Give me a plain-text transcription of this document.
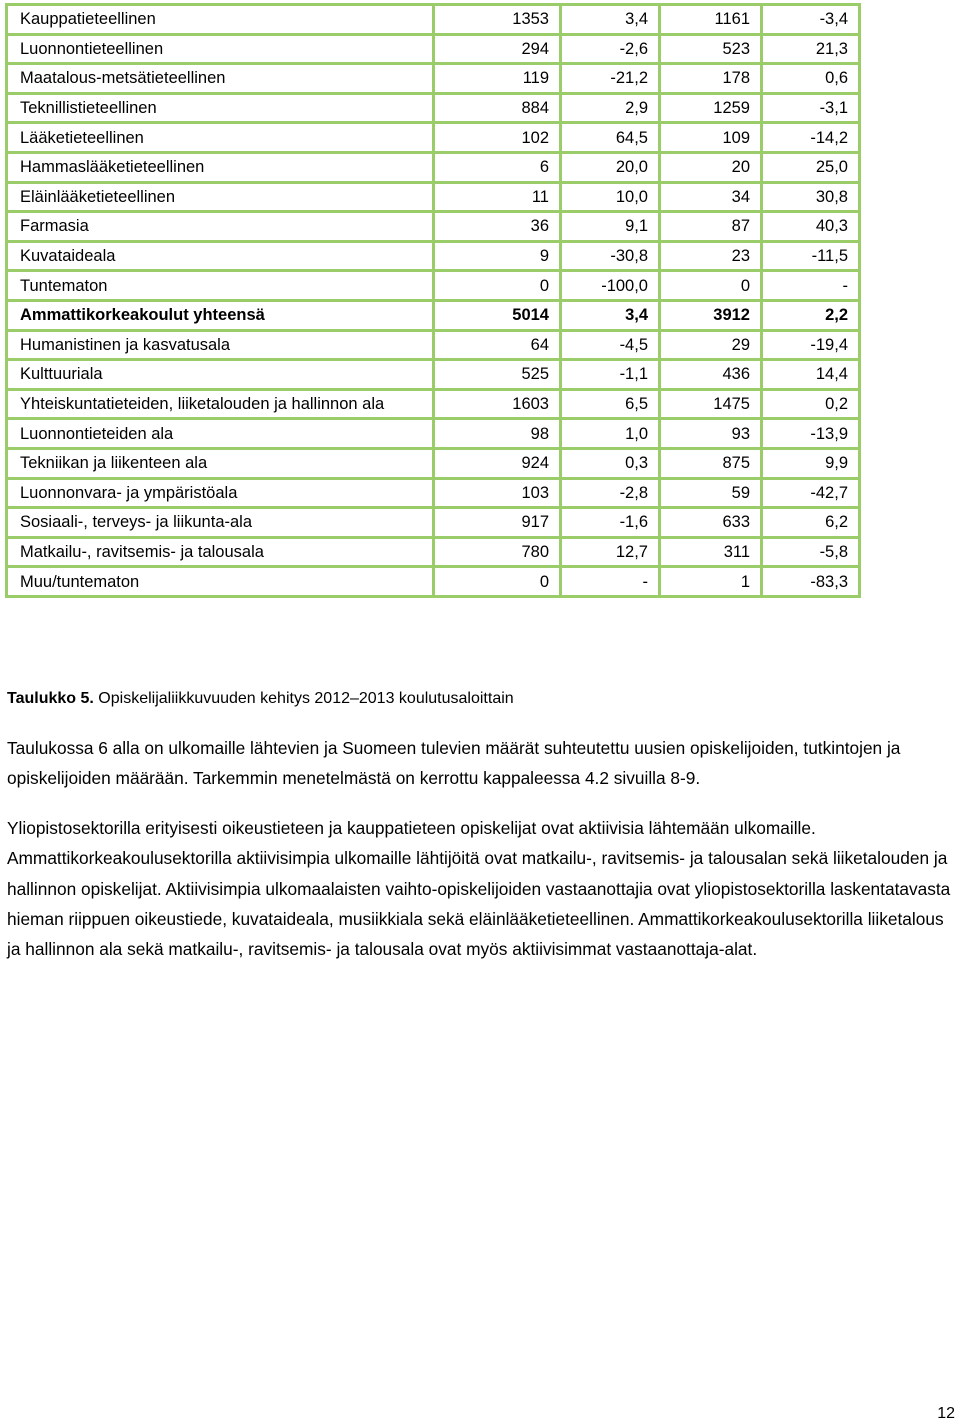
Kauppatieteellinen	1353	3,4	1161	-3,4
Luonnontieteellinen	294	-2,6	523	21,3
Maatalous-metsätieteellinen	119	-21,2	178	0,6
Teknillistieteellinen	884	2,9	1259	-3,1
Lääketieteellinen	102	64,5	109	-14,2
Hammaslääketieteellinen	6	20,0	20	25,0
Eläinlääketieteellinen	11	10,0	34	30,8
Farmasia	36	9,1	87	40,3
Kuvataideala	9	-30,8	23	-11,5
Tuntematon	0	-100,0	0	-
Ammattikorkeakoulut yhteensä	5014	3,4	3912	2,2
Humanistinen ja kasvatusala	64	-4,5	29	-19,4
Kulttuuriala	525	-1,1	436	14,4
Yhteiskuntatieteiden, liiketalouden ja hallinnon ala	1603	6,5	1475	0,2
Luonnontieteiden ala	98	1,0	93	-13,9
Tekniikan ja liikenteen ala	924	0,3	875	9,9
Luonnonvara- ja ympäristöala	103	-2,8	59	-42,7
Sosiaali-, terveys- ja liikunta-ala	917	-1,6	633	6,2
Matkailu-, ravitsemis- ja talousala	780	12,7	311	-5,8
Muu/tuntematon	0	-	1	-83,3
Taulukko 5. Opiskelijaliikkuvuuden kehitys 2012–2013 koulutusaloittain

Taulukossa 6 alla on ulkomaille lähtevien ja Suomeen tulevien määrät suhteutettu uusien opiskelijoiden, tutkintojen ja opiskelijoiden määrään. Tarkemmin menetelmästä on kerrottu kappaleessa 4.2 sivuilla 8-9.

Yliopistosektorilla erityisesti oikeustieteen ja kauppatieteen opiskelijat ovat aktiivisia lähtemään ulkomaille. Ammattikorkeakoulusektorilla aktiivisimpia ulkomaille lähtijöitä ovat matkailu-, ravitsemis- ja talousalan sekä liiketalouden ja hallinnon opiskelijat. Aktiivisimpia ulkomaalaisten vaihto-opiskelijoiden vastaanottajia ovat yliopistosektorilla laskentatavasta hieman riippuen oikeustiede, kuvataideala, musiikkiala sekä eläinlääketieteellinen. Ammattikorkeakoulusektorilla liiketalous ja hallinnon ala sekä matkailu-, ravitsemis- ja talousala ovat myös aktiivisimmat vastaanottaja-alat.

12
